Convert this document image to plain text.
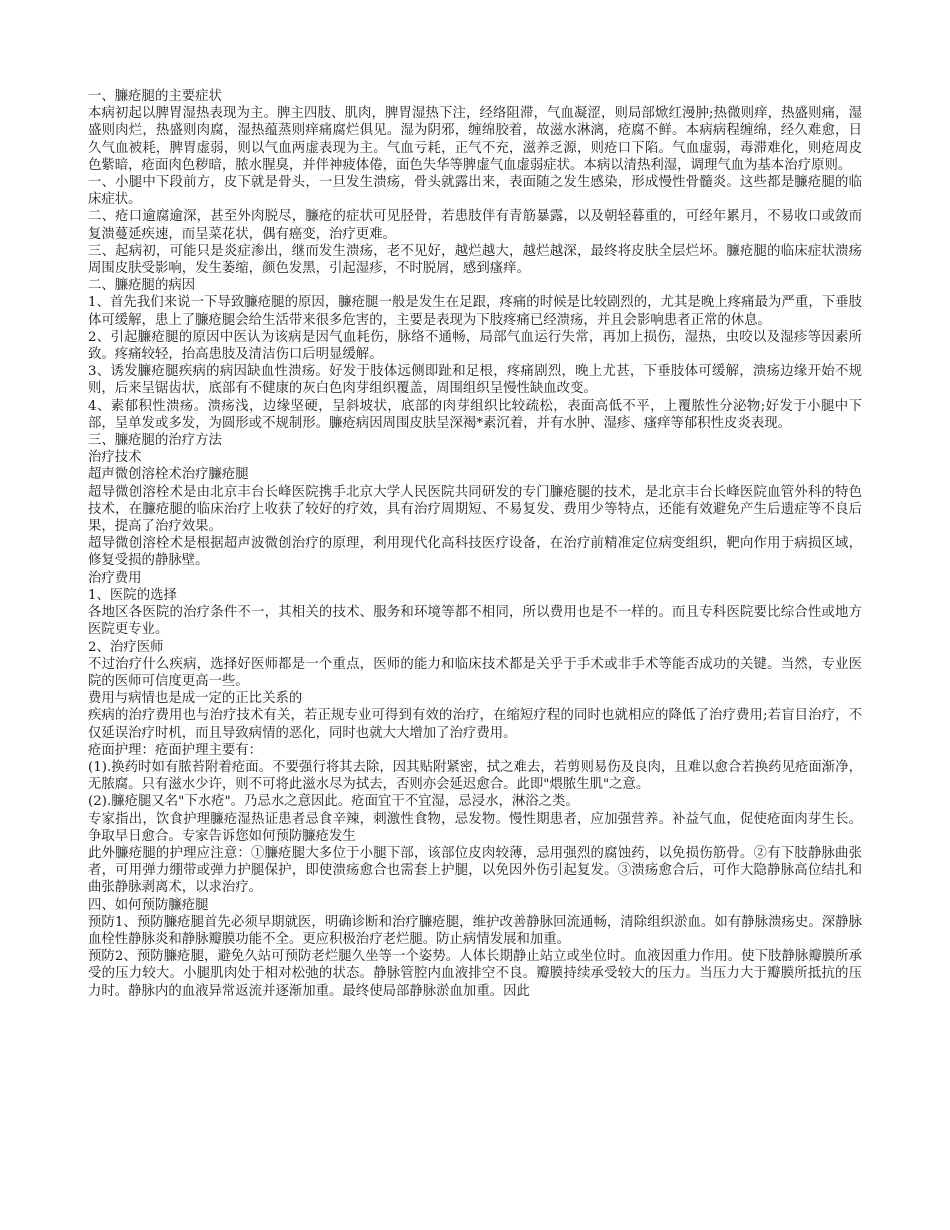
一、臁疮腿的主要症状

本病初起以脾胃湿热表现为主。脾主四肢、肌肉，脾胃湿热下注，经络阻滞，气血凝涩，则局部焮红漫肿;热微则痒，热盛则痛，湿盛则肉烂，热盛则肉腐，湿热蕴蒸则痒痛腐烂俱见。湿为阴邪，缠绵胶着，故滋水淋漓，疮腐不鲜。本病病程缠绵，经久难愈，日久气血被耗，脾胃虚弱，则以气血两虚表现为主。气血亏耗，正气不充，滋养乏源，则疮口下陷。气血虚弱，毒滞难化，则疮周皮色紫暗，疮面肉色秽暗，脓水腥臭，并伴神疲体倦，面色失华等脾虚气血虚弱症状。本病以清热利湿，调理气血为基本治疗原则。

一、小腿中下段前方，皮下就是骨头，一旦发生溃疡，骨头就露出来，表面随之发生感染，形成慢性骨髓炎。这些都是臁疮腿的临床症状。

二、疮口逾腐逾深，甚至外肉脱尽，臁疮的症状可见胫骨，若患肢伴有青筋暴露，以及朝轻暮重的，可经年累月，不易收口或敛而复溃蔓延疾速，而呈菜花状，偶有癌变，治疗更难。

三、起病初，可能只是炎症渗出，继而发生溃疡，老不见好，越烂越大，越烂越深，最终将皮肤全层烂坏。臁疮腿的临床症状溃疡周围皮肤受影响，发生萎缩，颜色发黑，引起湿疹，不时脱屑，感到瘙痒。

二、臁疮腿的病因

1、首先我们来说一下导致臁疮腿的原因，臁疮腿一般是发生在足跟，疼痛的时候是比较剧烈的，尤其是晚上疼痛最为严重，下垂肢体可缓解，患上了臁疮腿会给生活带来很多危害的，主要是表现为下肢疼痛已经溃疡，并且会影响患者正常的休息。

2、引起臁疮腿的原因中医认为该病是因气血耗伤，脉络不通畅，局部气血运行失常，再加上损伤，湿热，虫咬以及湿疹等因素所致。疼痛较轻，抬高患肢及清洁伤口后明显缓解。

3、诱发臁疮腿疾病的病因缺血性溃疡。好发于肢体远侧即趾和足根，疼痛剧烈，晚上尤甚，下垂肢体可缓解，溃疡边缘开始不规则，后来呈锯齿状，底部有不健康的灰白色肉芽组织覆盖，周围组织呈慢性缺血改变。

4、素郁积性溃疡。溃疡浅，边缘坚硬，呈斜坡状，底部的肉芽组织比较疏松，表面高低不平，上覆脓性分泌物;好发于小腿中下部，呈单发或多发，为圆形或不规制形。臁疮病因周围皮肤呈深褐*素沉着，并有水肿、湿疹、瘙痒等郁积性皮炎表现。

三、臁疮腿的治疗方法

治疗技术

超声微创溶栓术治疗臁疮腿

超导微创溶栓术是由北京丰台长峰医院携手北京大学人民医院共同研发的专门臁疮腿的技术，是北京丰台长峰医院血管外科的特色技术，在臁疮腿的临床治疗上收获了较好的疗效，具有治疗周期短、不易复发、费用少等特点，还能有效避免产生后遗症等不良后果，提高了治疗效果。

超导微创溶栓术是根据超声波微创治疗的原理，利用现代化高科技医疗设备，在治疗前精准定位病变组织，靶向作用于病损区域，修复受损的静脉壁。

治疗费用

1、医院的选择

各地区各医院的治疗条件不一，其相关的技术、服务和环境等都不相同，所以费用也是不一样的。而且专科医院要比综合性或地方医院更专业。

2、治疗医师

不过治疗什么疾病，选择好医师都是一个重点，医师的能力和临床技术都是关乎于手术或非手术等能否成功的关键。当然，专业医院的医师可信度更高一些。

费用与病情也是成一定的正比关系的

疾病的治疗费用也与治疗技术有关，若正规专业可得到有效的治疗，在缩短疗程的同时也就相应的降低了治疗费用;若盲目治疗，不仅延误治疗时机，而且导致病情的恶化，同时也就大大增加了治疗费用。

疮面护理：疮面护理主要有：

(1).换药时如有脓苔附着疮面。不要强行将其去除，因其贴附紧密，拭之难去，若剪则易伤及良肉，且难以愈合若换药见疮面渐净，无脓腐。只有滋水少许，则不可将此滋水尽为拭去，否则亦会延迟愈合。此即"煨脓生肌"之意。

(2).臁疮腿又名"下水疮"。乃忌水之意因此。疮面宜干不宜湿，忌浸水，淋浴之类。

专家指出，饮食护理臁疮湿热证患者忌食辛辣，刺激性食物，忌发物。慢性期患者，应加强营养。补益气血，促使疮面肉芽生长。争取早日愈合。专家告诉您如何预防臁疮发生

此外臁疮腿的护理应注意：①臁疮腿大多位于小腿下部，该部位皮肉较薄，忌用强烈的腐蚀药，以免损伤筋骨。②有下肢静脉曲张者，可用弹力绷带或弹力护腿保护，即使溃疡愈合也需套上护腿，以免因外伤引起复发。③溃疡愈合后，可作大隐静脉高位结扎和曲张静脉剥离术，以求治疗。

四、如何预防臁疮腿

预防1、预防臁疮腿首先必须早期就医，明确诊断和治疗臁疮腿，维护改善静脉回流通畅，清除组织淤血。如有静脉溃疡史。深静脉血栓性静脉炎和静脉瓣膜功能不全。更应积极治疗老烂腿。防止病情发展和加重。

预防2、预防臁疮腿，避免久站可预防老烂腿久坐等一个姿势。人体长期静止站立或坐位时。血液因重力作用。使下肢静脉瓣膜所承受的压力较大。小腿肌肉处于相对松弛的状态。静脉管腔内血液排空不良。瓣膜持续承受较大的压力。当压力大于瓣膜所抵抗的压力时。静脉内的血液异常返流并逐渐加重。最终使局部静脉淤血加重。因此
